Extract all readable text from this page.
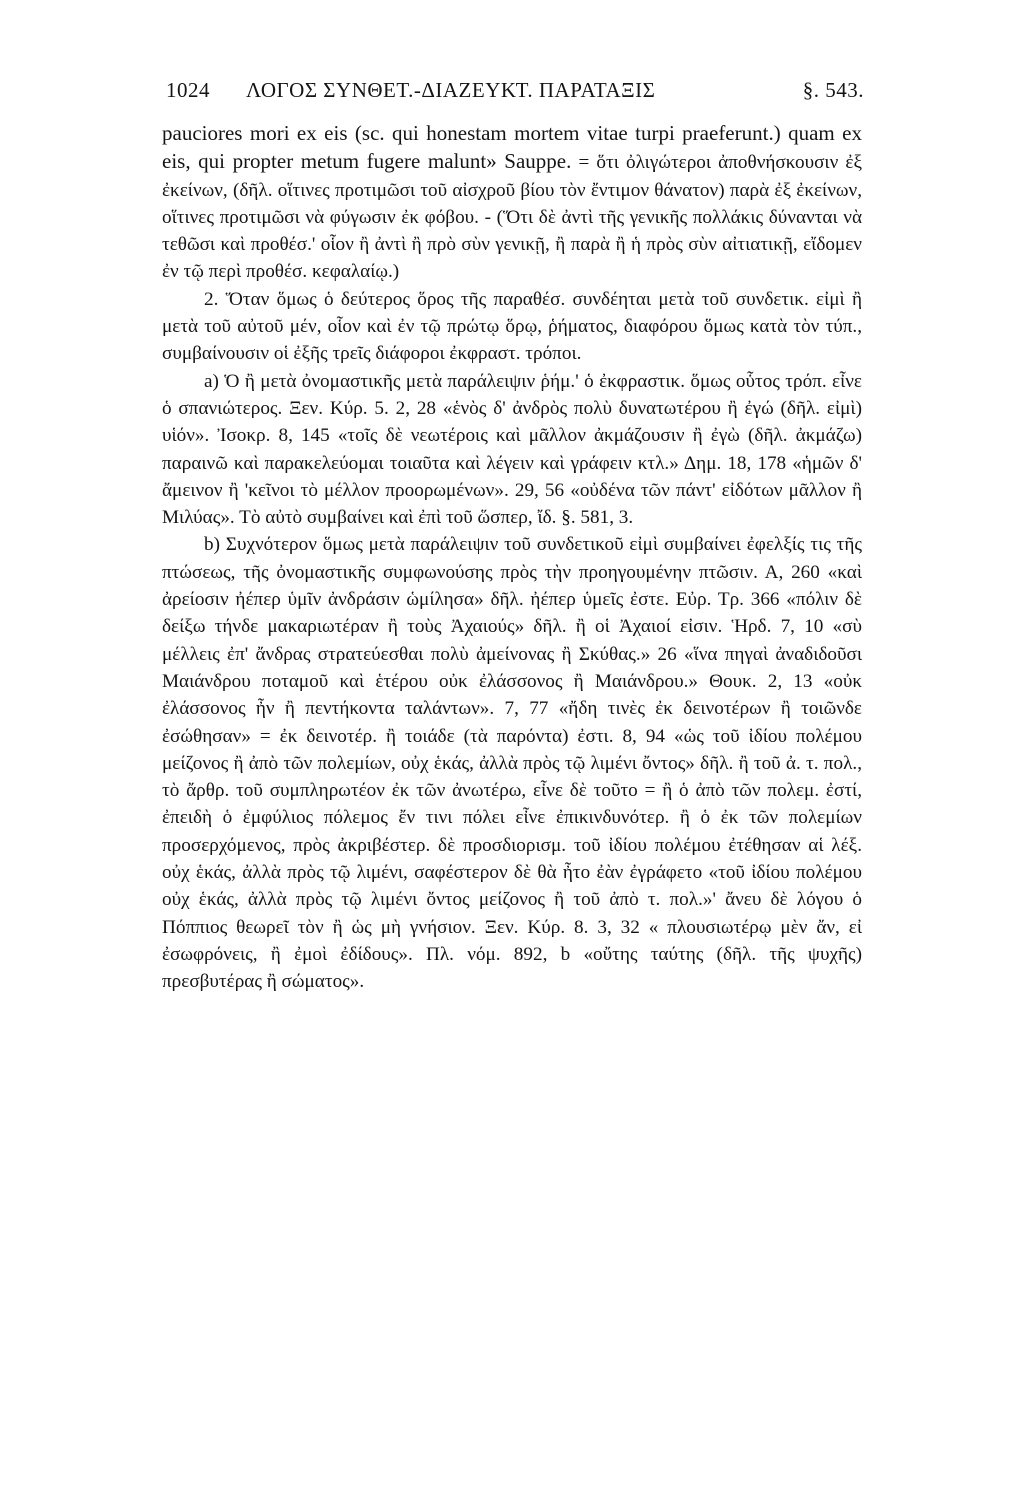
1024 ΛΟΓΟΣ ΣΥΝΘΕΤ.-ΔΙΑΖΕΥΚΤ. ΠΑΡΑΤΑΞΙΣ	§. 543.

pauciores mori ex eis (sc. qui honestam mortem vitae turpi praeferunt.) quam ex eis, qui propter metum fugere malunt» Sauppe. = ὅτι ὀλιγώτεροι ἀποθνήσκουσιν ἐξ ἐκείνων, (δῆλ. οἵτινες προτιμῶσι τοῦ αἰσχροῦ βίου τὸν ἔντιμον θάνατον) παρὰ ἐξ ἐκείνων, οἵτινες προτιμῶσι νὰ φύγωσιν ἐκ φόβου. - (Ὅτι δὲ ἀντὶ τῆς γενικῆς πολλάκις δύνανται νὰ τεθῶσι καὶ προθέσ.' οἷον ἢ ἀντὶ ἢ πρὸ σὺν γενικῇ, ἢ παρὰ ἢ ἡ πρὸς σὺν αἰτιατικῇ, εἴδομεν ἐν τῷ περὶ προθέσ. κεφαλαίῳ.)

2. Ὅταν ὅμως ὁ δεύτερος ὅρος τῆς παραθέσ. συνδέηται μετὰ τοῦ συνδετικ. εἰμὶ ἢ μετὰ τοῦ αὐτοῦ μέν, οἷον καὶ ἐν τῷ πρώτῳ ὅρῳ, ῥήματος, διαφόρου ὅμως κατὰ τὸν τύπ., συμβαίνουσιν οἱ ἐξῆς τρεῖς διάφοροι ἐκφραστ. τρόποι.

a) Ὁ ἢ μετὰ ὀνομαστικῆς μετὰ παράλειψιν ῥήμ.' ὁ ἐκφραστικ. ὅμως οὗτος τρόπ. εἶνε ὁ σπανιώτερος. Ξεν. Κύρ. 5. 2, 28 «ἑνὸς δ' ἀνδρὸς πολὺ δυνατωτέρου ἢ ἐγώ (δῆλ. εἰμὶ) υἱόν». Ἰσοκρ. 8, 145 «τοῖς δὲ νεωτέροις καὶ μᾶλλον ἀκμάζουσιν ἢ ἐγὼ (δῆλ. ἀκμάζω) παραινῶ καὶ παρακελεύομαι τοιαῦτα καὶ λέγειν καὶ γράφειν κτλ.» Δημ. 18, 178 «ἡμῶν δ' ἄμεινον ἢ 'κεῖνοι τὸ μέλλον προορωμένων». 29, 56 «οὐδένα τῶν πάντ' εἰδότων μᾶλλον ἢ Μιλύας». Τὸ αὐτὸ συμβαίνει καὶ ἐπὶ τοῦ ὥσπερ, ἴδ. §. 581, 3.

b) Συχνότερον ὅμως μετὰ παράλειψιν τοῦ συνδετικοῦ εἰμὶ συμβαίνει ἐφελξίς τις τῆς πτώσεως, τῆς ὀνομαστικῆς συμφωνούσης πρὸς τὴν προηγουμένην πτῶσιν. Α, 260 «καὶ ἀρείοσιν ἠέπερ ὑμῖν ἀνδράσιν ὡμίλησα» δῆλ. ἠέπερ ὑμεῖς ἐστε. Εὐρ. Τρ. 366 «πόλιν δὲ δείξω τήνδε μακαριωτέραν ἢ τοὺς Ἀχαιούς» δῆλ. ἢ οἱ Ἀχαιοί εἰσιν. Ἡρδ. 7, 10 «σὺ μέλλεις ἐπ' ἄνδρας στρατεύεσθαι πολὺ ἀμείνονας ἢ Σκύθας.» 26 «ἵνα πηγαὶ ἀναδιδοῦσι Μαιάνδρου ποταμοῦ καὶ ἑτέρου οὐκ ἐλάσσονος ἢ Μαιάνδρου.» Θουκ. 2, 13 «οὐκ ἐλάσσονος ἦν ἢ πεντήκοντα ταλάντων». 7, 77 «ἤδη τινὲς ἐκ δεινοτέρων ἢ τοιῶνδε ἐσώθησαν» = ἐκ δεινοτέρ. ἢ τοιάδε (τὰ παρόντα) ἐστι. 8, 94 «ὡς τοῦ ἰδίου πολέμου μείζονος ἢ ἀπὸ τῶν πολεμίων, οὐχ ἑκάς, ἀλλὰ πρὸς τῷ λιμένι ὄντος» δῆλ. ἢ τοῦ ἀ. τ. πολ., τὸ ἄρθρ. τοῦ συμπληρωτέον ἐκ τῶν ἀνωτέρω, εἶνε δὲ τοῦτο = ἢ ὁ ἀπὸ τῶν πολεμ. ἐστί, ἐπειδὴ ὁ ἐμφύλιος πόλεμος ἔν τινι πόλει εἶνε ἐπικινδυνότερ. ἢ ὁ ἐκ τῶν πολεμίων προσερχόμενος, πρὸς ἀκριβέστερ. δὲ προσδιορισμ. τοῦ ἰδίου πολέμου ἐτέθησαν αἱ λέξ. οὐχ ἑκάς, ἀλλὰ πρὸς τῷ λιμένι, σαφέστερον δὲ θὰ ἦτο ἐὰν ἐγράφετο «τοῦ ἰδίου πολέμου οὐχ ἑκάς, ἀλλὰ πρὸς τῷ λιμένι ὄντος μείζονος ἢ τοῦ ἀπὸ τ. πολ.»' ἄνευ δὲ λόγου ὁ Πόππιος θεωρεῖ τὸν ἢ ὡς μὴ γνήσιον. Ξεν. Κύρ. 8. 3, 32 « πλουσιωτέρῳ μὲν ἄν, εἰ ἐσωφρόνεις, ἢ ἐμοὶ ἐδίδους». Πλ. νόμ. 892, b «οὔτης ταύτης (δῆλ. τῆς ψυχῆς) πρεσβυτέρας ἢ σώματος».
